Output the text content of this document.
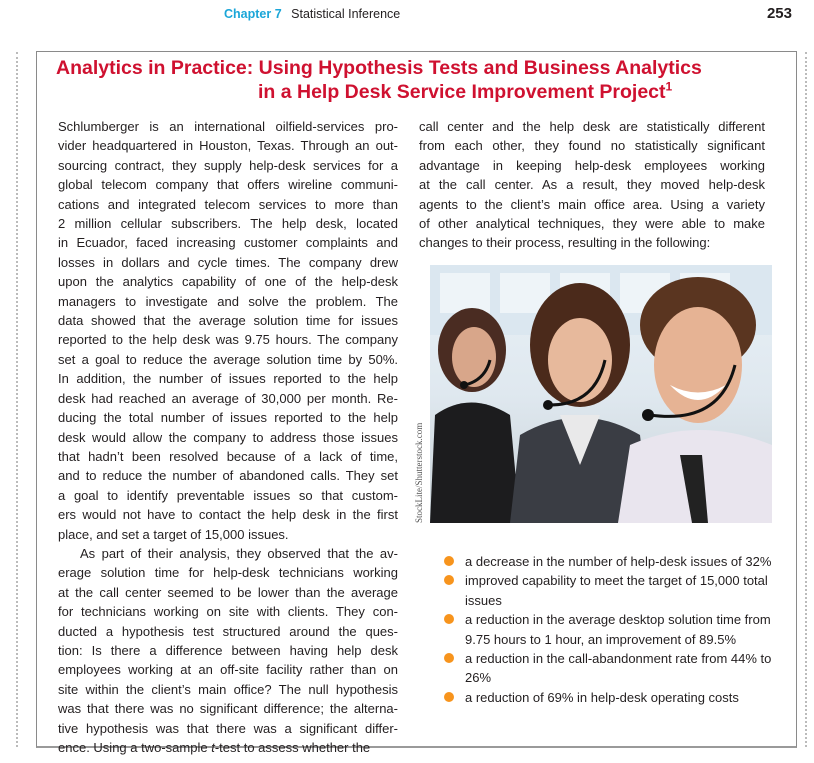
Chapter 7 Statistical Inference	253
Analytics in Practice: Using Hypothesis Tests and Business Analytics
in a Help Desk Service Improvement Project$^1$
Schlumberger is an international oilfield-services pro-
vider headquartered in Houston, Texas. Through an out-
sourcing contract, they supply help-desk services for a
global telecom company that offers wireline communi-
cations and integrated telecom services to more than
2 million cellular subscribers. The help desk, located
in Ecuador, faced increasing customer complaints and
losses in dollars and cycle times. The company drew
upon the analytics capability of one of the help-desk
managers to investigate and solve the problem. The
data showed that the average solution time for issues
reported to the help desk was 9.75 hours. The company
set a goal to reduce the average solution time by 50%.
In addition, the number of issues reported to the help
desk had reached an average of 30,000 per month. Re-
ducing the total number of issues reported to the help
desk would allow the company to address those issues
that hadn’t been resolved because of a lack of time,
and to reduce the number of abandoned calls. They set
a goal to identify preventable issues so that custom-
ers would not have to contact the help desk in the first
place, and set a target of 15,000 issues.
As part of their analysis, they observed that the av-
erage solution time for help-desk technicians working
at the call center seemed to be lower than the average
for technicians working on site with clients. They con-
ducted a hypothesis test structured around the ques-
tion: Is there a difference between having help desk
employees working at an off-site facility rather than on
site within the client’s main office? The null hypothesis
was that there was no significant difference; the alterna-
tive hypothesis was that there was a significant differ-
ence. Using a two-sample t-test to assess whether the
call center and the help desk are statistically different
from each other, they found no statistically significant
advantage in keeping help-desk employees working
at the call center. As a result, they moved help-desk
agents to the client’s main office area. Using a variety
of other analytical techniques, they were able to make
changes to their process, resulting in the following:
StockLite/Shutterstock.com
a decrease in the number of help-desk issues of 32%
improved capability to meet the target of 15,000 total issues
a reduction in the average desktop solution time from 9.75 hours to 1 hour, an improvement of 89.5%
a reduction in the call-abandonment rate from 44% to 26%
a reduction of 69% in help-desk operating costs
